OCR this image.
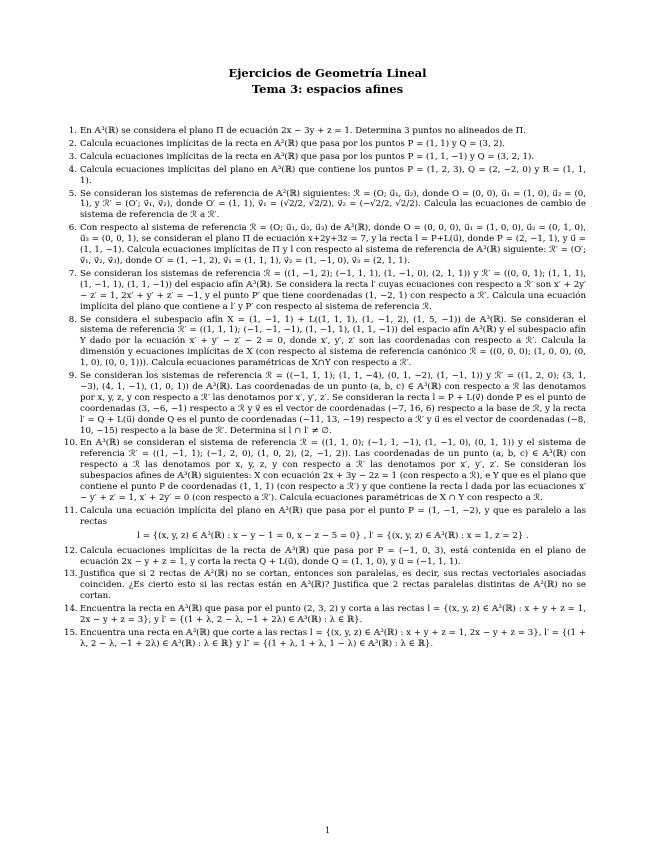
Ejercicios de Geometría Lineal
Tema 3: espacios afines
1. En 𝔸³(ℝ) se considera el plano Π de ecuación 2x − 3y + z = 1. Determina 3 puntos no alineados de Π.
2. Calcula ecuaciones implícitas de la recta en 𝔸²(ℝ) que pasa por los puntos P = (1, 1) y Q = (3, 2).
3. Calcula ecuaciones implícitas de la recta en 𝔸³(ℝ) que pasa por los puntos P = (1, 1, −1) y Q = (3, 2, 1).
4. Calcula ecuaciones implícitas del plano en 𝔸³(ℝ) que contiene los puntos P = (1, 2, 3), Q = (2, −2, 0) y R = (1, 1, 1).
5. Se consideran los sistemas de referencia de 𝔸²(ℝ) siguientes: ℛ = (O; u⃗₁, u⃗₂), donde O = (0, 0), u⃗₁ = (1, 0), u⃗₂ = (0, 1), y ℛ′ = (O′; v⃗₁, v⃗₂), donde O′ = (1, 1), v⃗₁ = (√2/2, √2/2), v⃗₂ = (−√2/2, √2/2). Calcula las ecuaciones de cambio de sistema de referencia de ℛ a ℛ′.
6. Con respecto al sistema de referencia ℛ = (O; u⃗₁, u⃗₂, u⃗₃) de 𝔸³(ℝ), donde O = (0, 0, 0), u⃗₁ = (1, 0, 0), u⃗₂ = (0, 1, 0), u⃗₃ = (0, 0, 1), se consideran el plano Π de ecuación x+2y+3z = 7, y la recta l = P+L(u⃗), donde P = (2, −1, 1), y u⃗ = (1, 1, −1). Calcula ecuaciones implícitas de Π y l con respecto al sistema de referencia de 𝔸³(ℝ) siguiente: ℛ′ = (O′; v⃗₁, v⃗₂, v⃗₃), donde O′ = (1, −1, 2), v⃗₁ = (1, 1, 1), v⃗₂ = (1, −1, 0), v⃗₃ = (2, 1, 1).
7. Se consideran los sistemas de referencia ℛ = ((1, −1, 2); (−1, 1, 1), (1, −1, 0), (2, 1, 1)) y ℛ′ = ((0, 0, 1); (1, 1, 1), (1, −1, 1), (1, 1, −1)) del espacio afín 𝔸³(ℝ). Se considera la recta l′ cuyas ecuaciones con respecto a ℛ′ son x′ + 2y′ − z′ = 1, 2x′ + y′ + z′ = −1, y el punto P′ que tiene coordenadas (1, −2, 1) con respecto a ℛ′. Calcula una ecuación implícita del plano que contiene a l′ y P′ con respecto al sistema de referencia ℛ.
8. Se considera el subespacio afín X = (1, −1, 1) + L((1, 1, 1), (1, −1, 2), (1, 5, −1)) de 𝔸³(ℝ). Se consideran el sistema de referencia ℛ′ = ((1, 1, 1); (−1, −1, −1), (1, −1, 1), (1, 1, −1)) del espacio afín 𝔸³(ℝ) y el subespacio afín Y dado por la ecuación x′ + y′ − z′ − 2 = 0, donde x′, y′, z′ son las coordenadas con respecto a ℛ′. Calcula la dimensión y ecuaciones implícitas de X (con respecto al sistema de referencia canónico ℛ = ((0, 0, 0); (1, 0, 0), (0, 1, 0), (0, 0, 1))). Calcula ecuaciones paramétricas de X∩Y con respecto a ℛ′.
9. Se consideran los sistemas de referencia ℛ = ((−1, 1, 1); (1, 1, −4), (0, 1, −2), (1, −1, 1)) y ℛ′ = ((1, 2, 0); (3, 1, −3), (4, 1, −1), (1, 0, 1)) de 𝔸³(ℝ). Las coordenadas de un punto (a, b, c) ∈ 𝔸³(ℝ) con respecto a ℛ las denotamos por x, y, z, y con respecto a ℛ′ las denotamos por x′, y′, z′. Se consideran la recta l = P + L(v⃗) donde P es el punto de coordenadas (3, −6, −1) respecto a ℛ y v⃗ es el vector de coordenadas (−7, 16, 6) respecto a la base de ℛ, y la recta l′ = Q + L(u⃗) donde Q es el punto de coordenadas (−11, 13, −19) respecto a ℛ′ y u⃗ es el vector de coordenadas (−8, 10, −15) respecto a la base de ℛ′. Determina si l ∩ l′ ≠ ∅.
10. En 𝔸³(ℝ) se consideran el sistema de referencia ℛ = ((1, 1, 0); (−1, 1, −1), (1, −1, 0), (0, 1, 1)) y el sistema de referencia ℛ′ = ((1, −1, 1); (−1, 2, 0), (1, 0, 2), (2, −1, 2)). Las coordenadas de un punto (a, b, c) ∈ 𝔸³(ℝ) con respecto a ℛ las denotamos por x, y, z, y con respecto a ℛ′ las denotamos por x′, y′, z′. Se consideran los subespacios afines de 𝔸³(ℝ) siguientes: X con ecuación 2x + 3y − 2z = 1 (con respecto a ℛ), e Y que es el plano que contiene el punto P de coordenadas (1, 1, 1) (con respecto a ℛ′) y que contiene la recta l dada por las ecuaciones x′ − y′ + z′ = 1, x′ + 2y′ = 0 (con respecto a ℛ′). Calcula ecuaciones paramétricas de X ∩ Y con respecto a ℛ.
11. Calcula una ecuación implícita del plano en 𝔸³(ℝ) que pasa por el punto P = (1, −1, −2), y que es paralelo a las rectas
l = {(x, y, z) ∈ 𝔸³(ℝ) : x − y − 1 = 0, x − z − 5 = 0} , l′ = {(x, y, z) ∈ 𝔸³(ℝ) : x = 1, z = 2} .
12. Calcula ecuaciones implícitas de la recta de 𝔸³(ℝ) que pasa por P = (−1, 0, 3), está contenida en el plano de ecuación 2x − y + z = 1, y corta la recta Q + L(u⃗), donde Q = (1, 1, 0), y u⃗ = (−1, 1, 1).
13. Justifica que si 2 rectas de 𝔸²(ℝ) no se cortan, entonces son paralelas, es decir, sus rectas vectoriales asociadas coinciden. ¿Es cierto esto si las rectas están en 𝔸³(ℝ)? Justifica que 2 rectas paralelas distintas de 𝔸²(ℝ) no se cortan.
14. Encuentra la recta en 𝔸³(ℝ) que pasa por el punto (2, 3, 2) y corta a las rectas l = {(x, y, z) ∈ 𝔸³(ℝ) : x + y + z = 1, 2x − y + z = 3}, y l′ = {(1 + λ, 2 − λ, −1 + 2λ) ∈ 𝔸³(ℝ) : λ ∈ ℝ}.
15. Encuentra una recta en 𝔸³(ℝ) que corte a las rectas l = {(x, y, z) ∈ 𝔸³(ℝ) : x + y + z = 1, 2x − y + z = 3}, l′ = {(1 + λ, 2 − λ, −1 + 2λ) ∈ 𝔸³(ℝ) : λ ∈ ℝ} y l″ = {(1 + λ, 1 + λ, 1 − λ) ∈ 𝔸³(ℝ) : λ ∈ ℝ}.
1
